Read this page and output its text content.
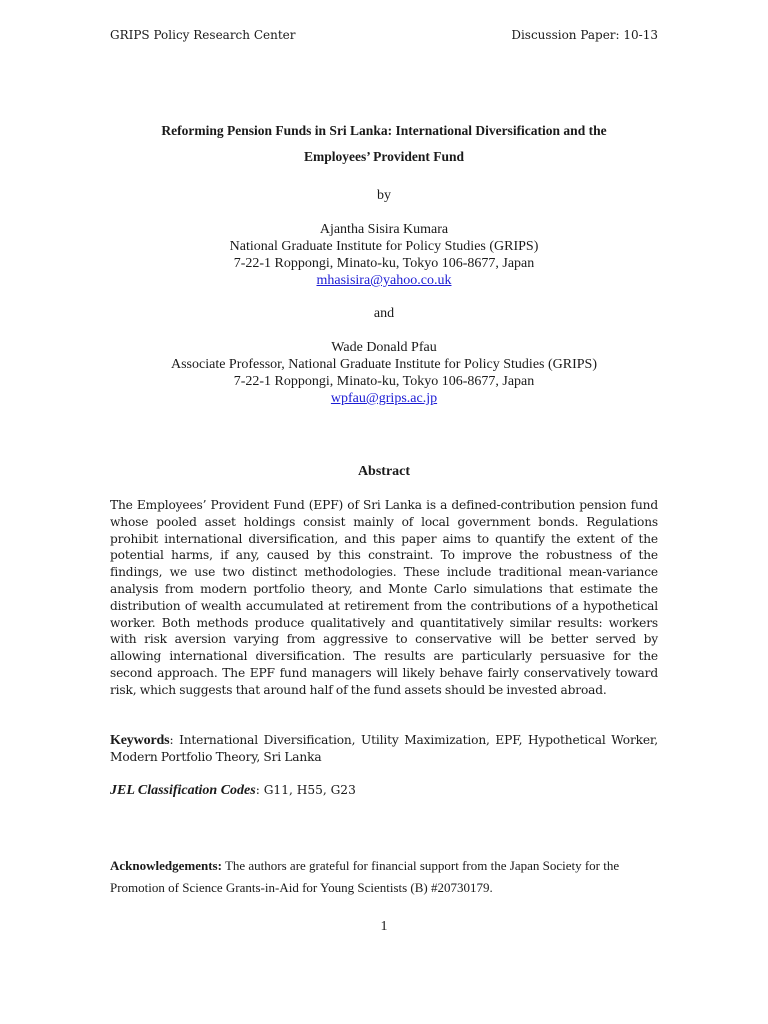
GRIPS Policy Research Center	Discussion Paper: 10-13
Reforming Pension Funds in Sri Lanka: International Diversification and the
Employees’ Provident Fund
by
Ajantha Sisira Kumara
National Graduate Institute for Policy Studies (GRIPS)
7-22-1 Roppongi, Minato-ku, Tokyo 106-8677, Japan
mhasisira@yahoo.co.uk
and
Wade Donald Pfau
Associate Professor, National Graduate Institute for Policy Studies (GRIPS)
7-22-1 Roppongi, Minato-ku, Tokyo 106-8677, Japan
wpfau@grips.ac.jp
Abstract
The Employees’ Provident Fund (EPF) of Sri Lanka is a defined-contribution pension fund whose pooled asset holdings consist mainly of local government bonds. Regulations prohibit international diversification, and this paper aims to quantify the extent of the potential harms, if any, caused by this constraint. To improve the robustness of the findings, we use two distinct methodologies. These include traditional mean-variance analysis from modern portfolio theory, and Monte Carlo simulations that estimate the distribution of wealth accumulated at retirement from the contributions of a hypothetical worker. Both methods produce qualitatively and quantitatively similar results: workers with risk aversion varying from aggressive to conservative will be better served by allowing international diversification. The results are particularly persuasive for the second approach. The EPF fund managers will likely behave fairly conservatively toward risk, which suggests that around half of the fund assets should be invested abroad.
Keywords: International Diversification, Utility Maximization, EPF, Hypothetical Worker, Modern Portfolio Theory, Sri Lanka
JEL Classification Codes: G11, H55, G23
Acknowledgements: The authors are grateful for financial support from the Japan Society for the Promotion of Science Grants-in-Aid for Young Scientists (B) #20730179.
1
